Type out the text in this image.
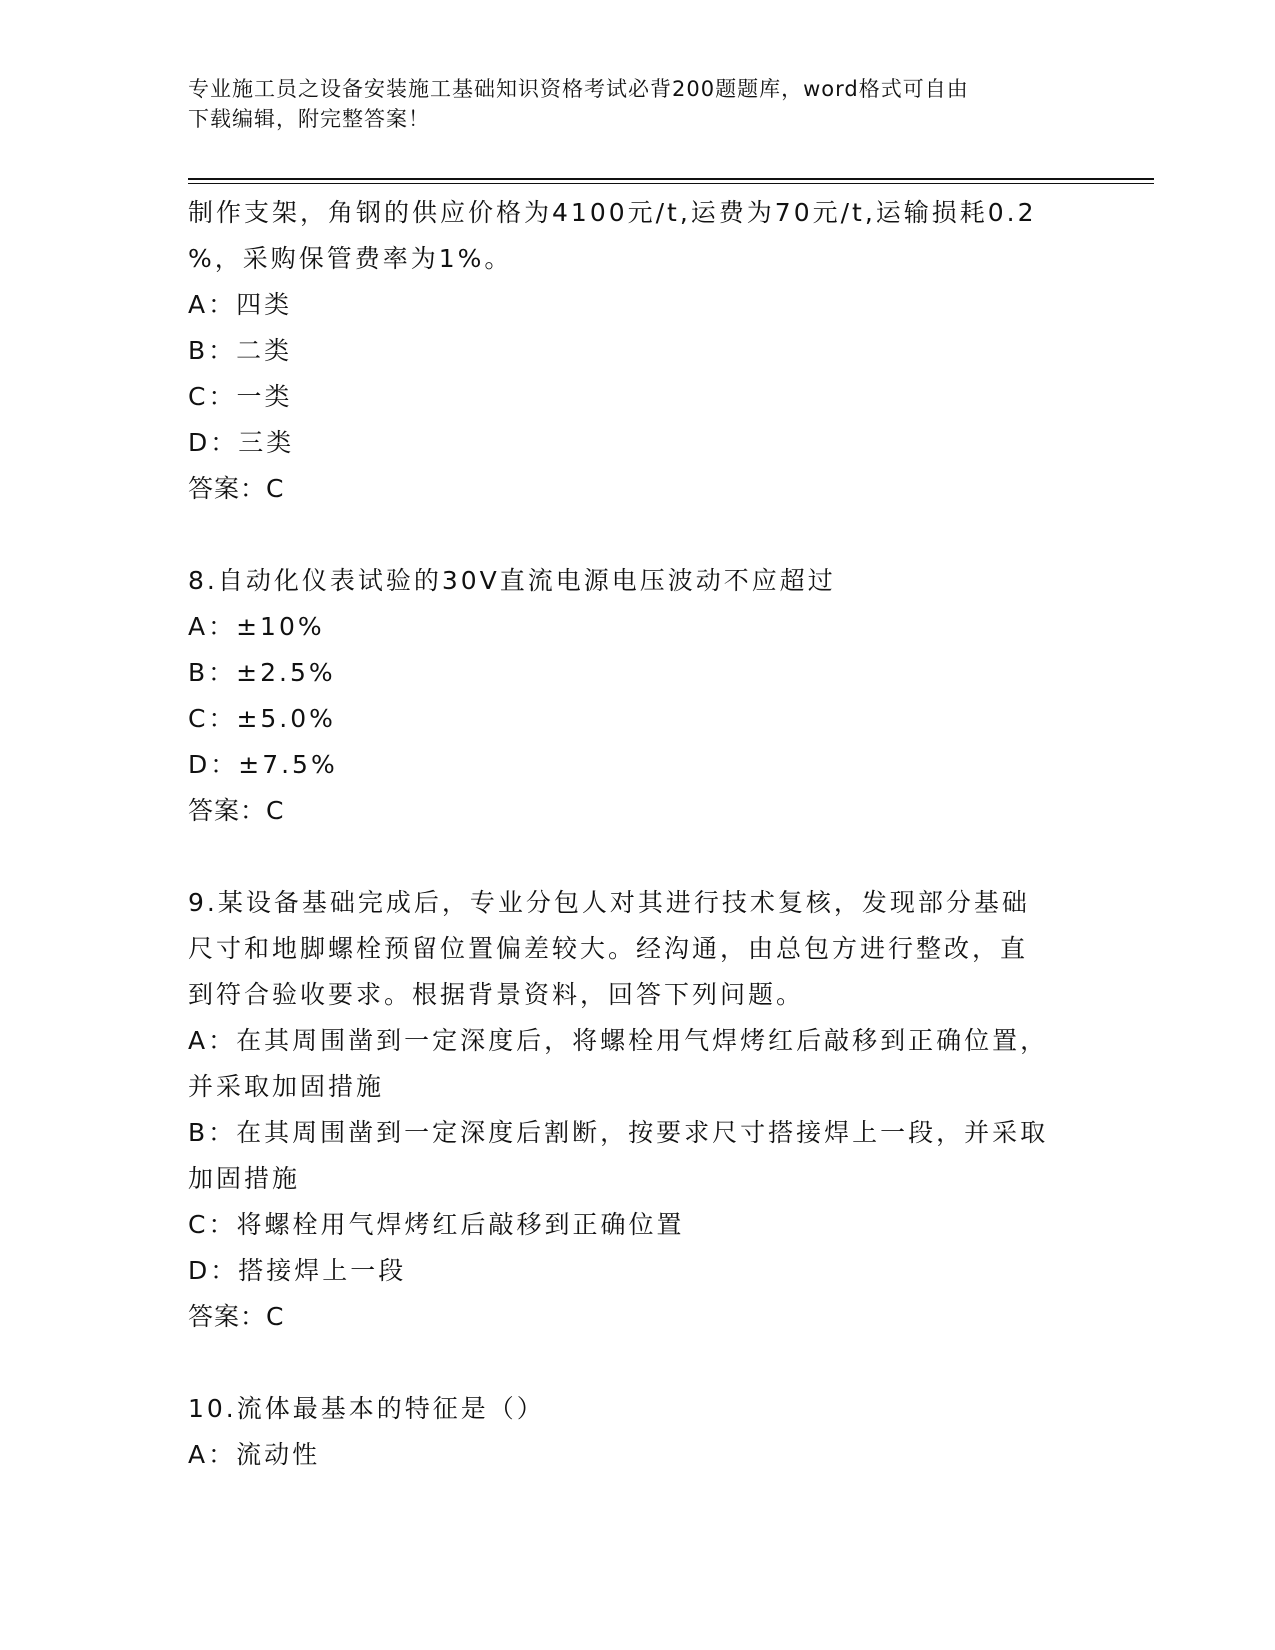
专业施工员之设备安装施工基础知识资格考试必背200题题库，word格式可自由
下载编辑，附完整答案！
制作支架，角钢的供应价格为4100元/t,运费为70元/t,运输损耗0.2
%，采购保管费率为1%。
A：四类
B：二类
C：一类
D：三类
答案：C
8.自动化仪表试验的30V直流电源电压波动不应超过
A：±10%
B：±2.5%
C：±5.0%
D：±7.5%
答案：C
9.某设备基础完成后，专业分包人对其进行技术复核，发现部分基础
尺寸和地脚螺栓预留位置偏差较大。经沟通，由总包方进行整改，直
到符合验收要求。根据背景资料，回答下列问题。
A：在其周围凿到一定深度后，将螺栓用气焊烤红后敲移到正确位置，
并采取加固措施
B：在其周围凿到一定深度后割断，按要求尺寸搭接焊上一段，并采取
加固措施
C：将螺栓用气焊烤红后敲移到正确位置
D：搭接焊上一段
答案：C
10.流体最基本的特征是（）
A：流动性
